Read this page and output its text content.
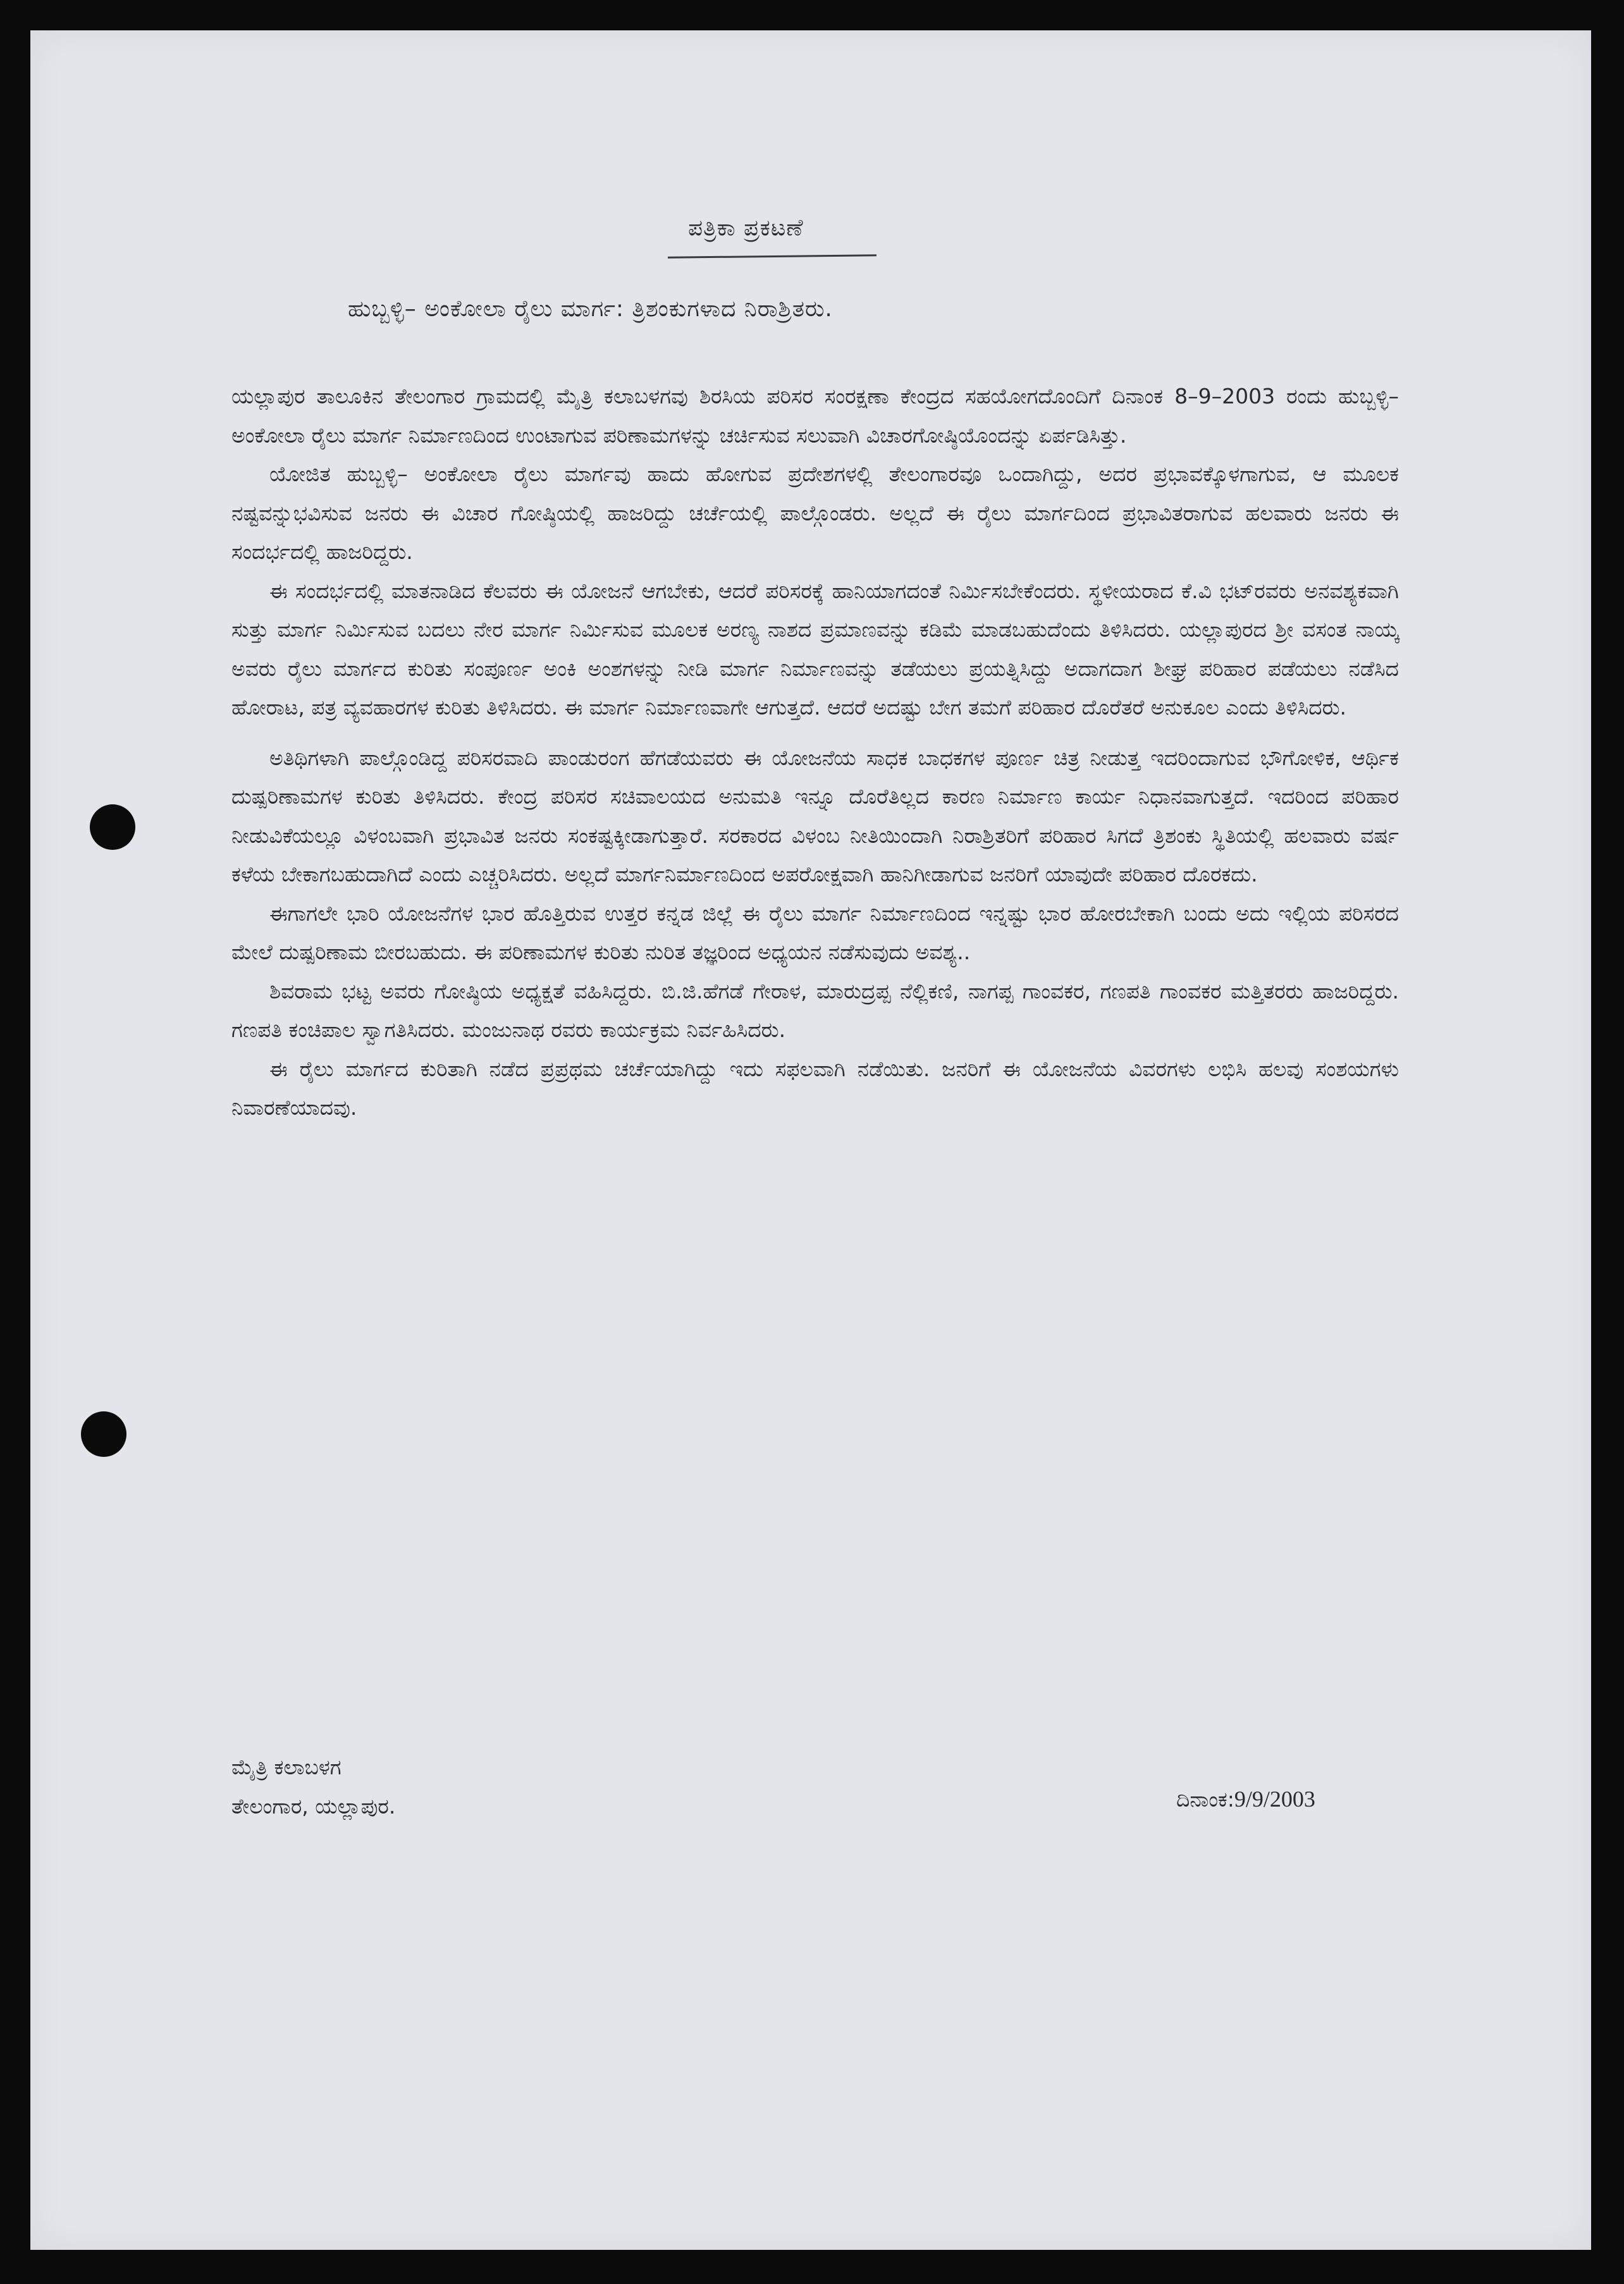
ಪತ್ರಿಕಾ ಪ್ರಕಟಣೆ
ಹುಬ್ಬಳ್ಳಿ– ಅಂಕೋಲಾ ರೈಲು ಮಾರ್ಗ: ತ್ರಿಶಂಕುಗಳಾದ ನಿರಾಶ್ರಿತರು.

ಯಲ್ಲಾಪುರ ತಾಲೂಕಿನ ತೇಲಂಗಾರ ಗ್ರಾಮದಲ್ಲಿ ಮೈತ್ರಿ ಕಲಾಬಳಗವು ಶಿರಸಿಯ ಪರಿಸರ ಸಂರಕ್ಷಣಾ ಕೇಂದ್ರದ ಸಹಯೋಗದೊಂದಿಗೆ ದಿನಾಂಕ 8–9–2003 ರಂದು ಹುಬ್ಬಳ್ಳಿ– ಅಂಕೋಲಾ ರೈಲು ಮಾರ್ಗ ನಿರ್ಮಾಣದಿಂದ ಉಂಟಾಗುವ ಪರಿಣಾಮಗಳನ್ನು ಚರ್ಚಿಸುವ ಸಲುವಾಗಿ ವಿಚಾರಗೋಷ್ಠಿಯೊಂದನ್ನು ಏರ್ಪಡಿಸಿತ್ತು.

ಯೋಜಿತ ಹುಬ್ಬಳ್ಳಿ– ಅಂಕೋಲಾ ರೈಲು ಮಾರ್ಗವು ಹಾದು ಹೋಗುವ ಪ್ರದೇಶಗಳಲ್ಲಿ ತೇಲಂಗಾರವೂ ಒಂದಾಗಿದ್ದು, ಅದರ ಪ್ರಭಾವಕ್ಕೊಳಗಾಗುವ, ಆ ಮೂಲಕ ನಷ್ಟವನ್ನುಭವಿಸುವ ಜನರು ಈ ವಿಚಾರ ಗೋಷ್ಠಿಯಲ್ಲಿ ಹಾಜರಿದ್ದು ಚರ್ಚೆಯಲ್ಲಿ ಪಾಲ್ಗೊಂಡರು. ಅಲ್ಲದೆ ಈ ರೈಲು ಮಾರ್ಗದಿಂದ ಪ್ರಭಾವಿತರಾಗುವ ಹಲವಾರು ಜನರು ಈ ಸಂದರ್ಭದಲ್ಲಿ ಹಾಜರಿದ್ದರು.

ಈ ಸಂದರ್ಭದಲ್ಲಿ ಮಾತನಾಡಿದ ಕೆಲವರು ಈ ಯೋಜನೆ ಆಗಬೇಕು, ಆದರೆ ಪರಿಸರಕ್ಕೆ ಹಾನಿಯಾಗದಂತೆ ನಿರ್ಮಿಸಬೇಕೆಂದರು. ಸ್ಥಳೀಯರಾದ ಕೆ.ವಿ ಭಟ್‌ರವರು ಅನವಶ್ಯಕವಾಗಿ ಸುತ್ತು ಮಾರ್ಗ ನಿರ್ಮಿಸುವ ಬದಲು ನೇರ ಮಾರ್ಗ ನಿರ್ಮಿಸುವ ಮೂಲಕ ಅರಣ್ಯ ನಾಶದ ಪ್ರಮಾಣವನ್ನು ಕಡಿಮೆ ಮಾಡಬಹುದೆಂದು ತಿಳಿಸಿದರು. ಯಲ್ಲಾಪುರದ ಶ್ರೀ ವಸಂತ ನಾಯ್ಕ ಅವರು ರೈಲು ಮಾರ್ಗದ ಕುರಿತು ಸಂಪೂರ್ಣ ಅಂಕಿ ಅಂಶಗಳನ್ನು ನೀಡಿ ಮಾರ್ಗ ನಿರ್ಮಾಣವನ್ನು ತಡೆಯಲು ಪ್ರಯತ್ನಿಸಿದ್ದು ಅದಾಗದಾಗ ಶೀಘ್ರ ಪರಿಹಾರ ಪಡೆಯಲು ನಡೆಸಿದ ಹೋರಾಟ, ಪತ್ರ ವ್ಯವಹಾರಗಳ ಕುರಿತು ತಿಳಿಸಿದರು. ಈ ಮಾರ್ಗ ನಿರ್ಮಾಣವಾಗೇ ಆಗುತ್ತದೆ. ಆದರೆ ಅದಷ್ಟು ಬೇಗ ತಮಗೆ ಪರಿಹಾರ ದೊರೆತರೆ ಅನುಕೂಲ ಎಂದು ತಿಳಿಸಿದರು.

ಅತಿಥಿಗಳಾಗಿ ಪಾಲ್ಗೊಂಡಿದ್ದ ಪರಿಸರವಾದಿ ಪಾಂಡುರಂಗ ಹೆಗಡೆಯವರು ಈ ಯೋಜನೆಯ ಸಾಧಕ ಬಾಧಕಗಳ ಪೂರ್ಣ ಚಿತ್ರ ನೀಡುತ್ತ ಇದರಿಂದಾಗುವ ಭೌಗೋಳಿಕ, ಆರ್ಥಿಕ ದುಷ್ಪರಿಣಾಮಗಳ ಕುರಿತು ತಿಳಿಸಿದರು. ಕೇಂದ್ರ ಪರಿಸರ ಸಚಿವಾಲಯದ ಅನುಮತಿ ಇನ್ನೂ ದೊರೆತಿಲ್ಲದ ಕಾರಣ ನಿರ್ಮಾಣ ಕಾರ್ಯ ನಿಧಾನವಾಗುತ್ತದೆ. ಇದರಿಂದ ಪರಿಹಾರ ನೀಡುವಿಕೆಯಲ್ಲೂ ವಿಳಂಬವಾಗಿ ಪ್ರಭಾವಿತ ಜನರು ಸಂಕಷ್ಟಕ್ಕೀಡಾಗುತ್ತಾರೆ. ಸರಕಾರದ ವಿಳಂಬ ನೀತಿಯಿಂದಾಗಿ ನಿರಾಶ್ರಿತರಿಗೆ ಪರಿಹಾರ ಸಿಗದೆ ತ್ರಿಶಂಕು ಸ್ಥಿತಿಯಲ್ಲಿ ಹಲವಾರು ವರ್ಷ ಕಳೆಯ ಬೇಕಾಗಬಹುದಾಗಿದೆ ಎಂದು ಎಚ್ಚರಿಸಿದರು. ಅಲ್ಲದೆ ಮಾರ್ಗನಿರ್ಮಾಣದಿಂದ ಅಪರೋಕ್ಷವಾಗಿ ಹಾನಿಗೀಡಾಗುವ ಜನರಿಗೆ ಯಾವುದೇ ಪರಿಹಾರ ದೊರಕದು.

ಈಗಾಗಲೇ ಭಾರಿ ಯೋಜನೆಗಳ ಭಾರ ಹೊತ್ತಿರುವ ಉತ್ತರ ಕನ್ನಡ ಜಿಲ್ಲೆ ಈ ರೈಲು ಮಾರ್ಗ ನಿರ್ಮಾಣದಿಂದ ಇನ್ನಷ್ಟು ಭಾರ ಹೋರಬೇಕಾಗಿ ಬಂದು ಅದು ಇಲ್ಲಿಯ ಪರಿಸರದ ಮೇಲೆ ದುಷ್ಪರಿಣಾಮ ಬೀರಬಹುದು. ಈ ಪರಿಣಾಮಗಳ ಕುರಿತು ನುರಿತ ತಜ್ಞರಿಂದ ಅಧ್ಯಯನ ನಡೆಸುವುದು ಅವಶ್ಯ..

ಶಿವರಾಮ ಭಟ್ಟ ಅವರು ಗೋಷ್ಠಿಯ ಅಧ್ಯಕ್ಷತೆ ವಹಿಸಿದ್ದರು. ಬಿ.ಜಿ.ಹೆಗಡೆ ಗೇರಾಳ, ಮಾರುದ್ರಪ್ಪ ನೆಲ್ಲಿಕಣಿ, ನಾಗಪ್ಪ ಗಾಂವಕರ, ಗಣಪತಿ ಗಾಂವಕರ ಮತ್ತಿತರರು ಹಾಜರಿದ್ದರು. ಗಣಪತಿ ಕಂಚಿಪಾಲ ಸ್ವಾಗತಿಸಿದರು. ಮಂಜುನಾಥ ರವರು ಕಾರ್ಯಕ್ರಮ ನಿರ್ವಹಿಸಿದರು.

ಈ ರೈಲು ಮಾರ್ಗದ ಕುರಿತಾಗಿ ನಡೆದ ಪ್ರಪ್ರಥಮ ಚರ್ಚೆಯಾಗಿದ್ದು ಇದು ಸಫಲವಾಗಿ ನಡೆಯಿತು. ಜನರಿಗೆ ಈ ಯೋಜನೆಯ ವಿವರಗಳು ಲಭಿಸಿ ಹಲವು ಸಂಶಯಗಳು ನಿವಾರಣೆಯಾದವು.

ಮೈತ್ರಿ ಕಲಾಬಳಗ
ತೇಲಂಗಾರ, ಯಲ್ಲಾಪುರ.	ದಿನಾಂಕ:9/9/2003
